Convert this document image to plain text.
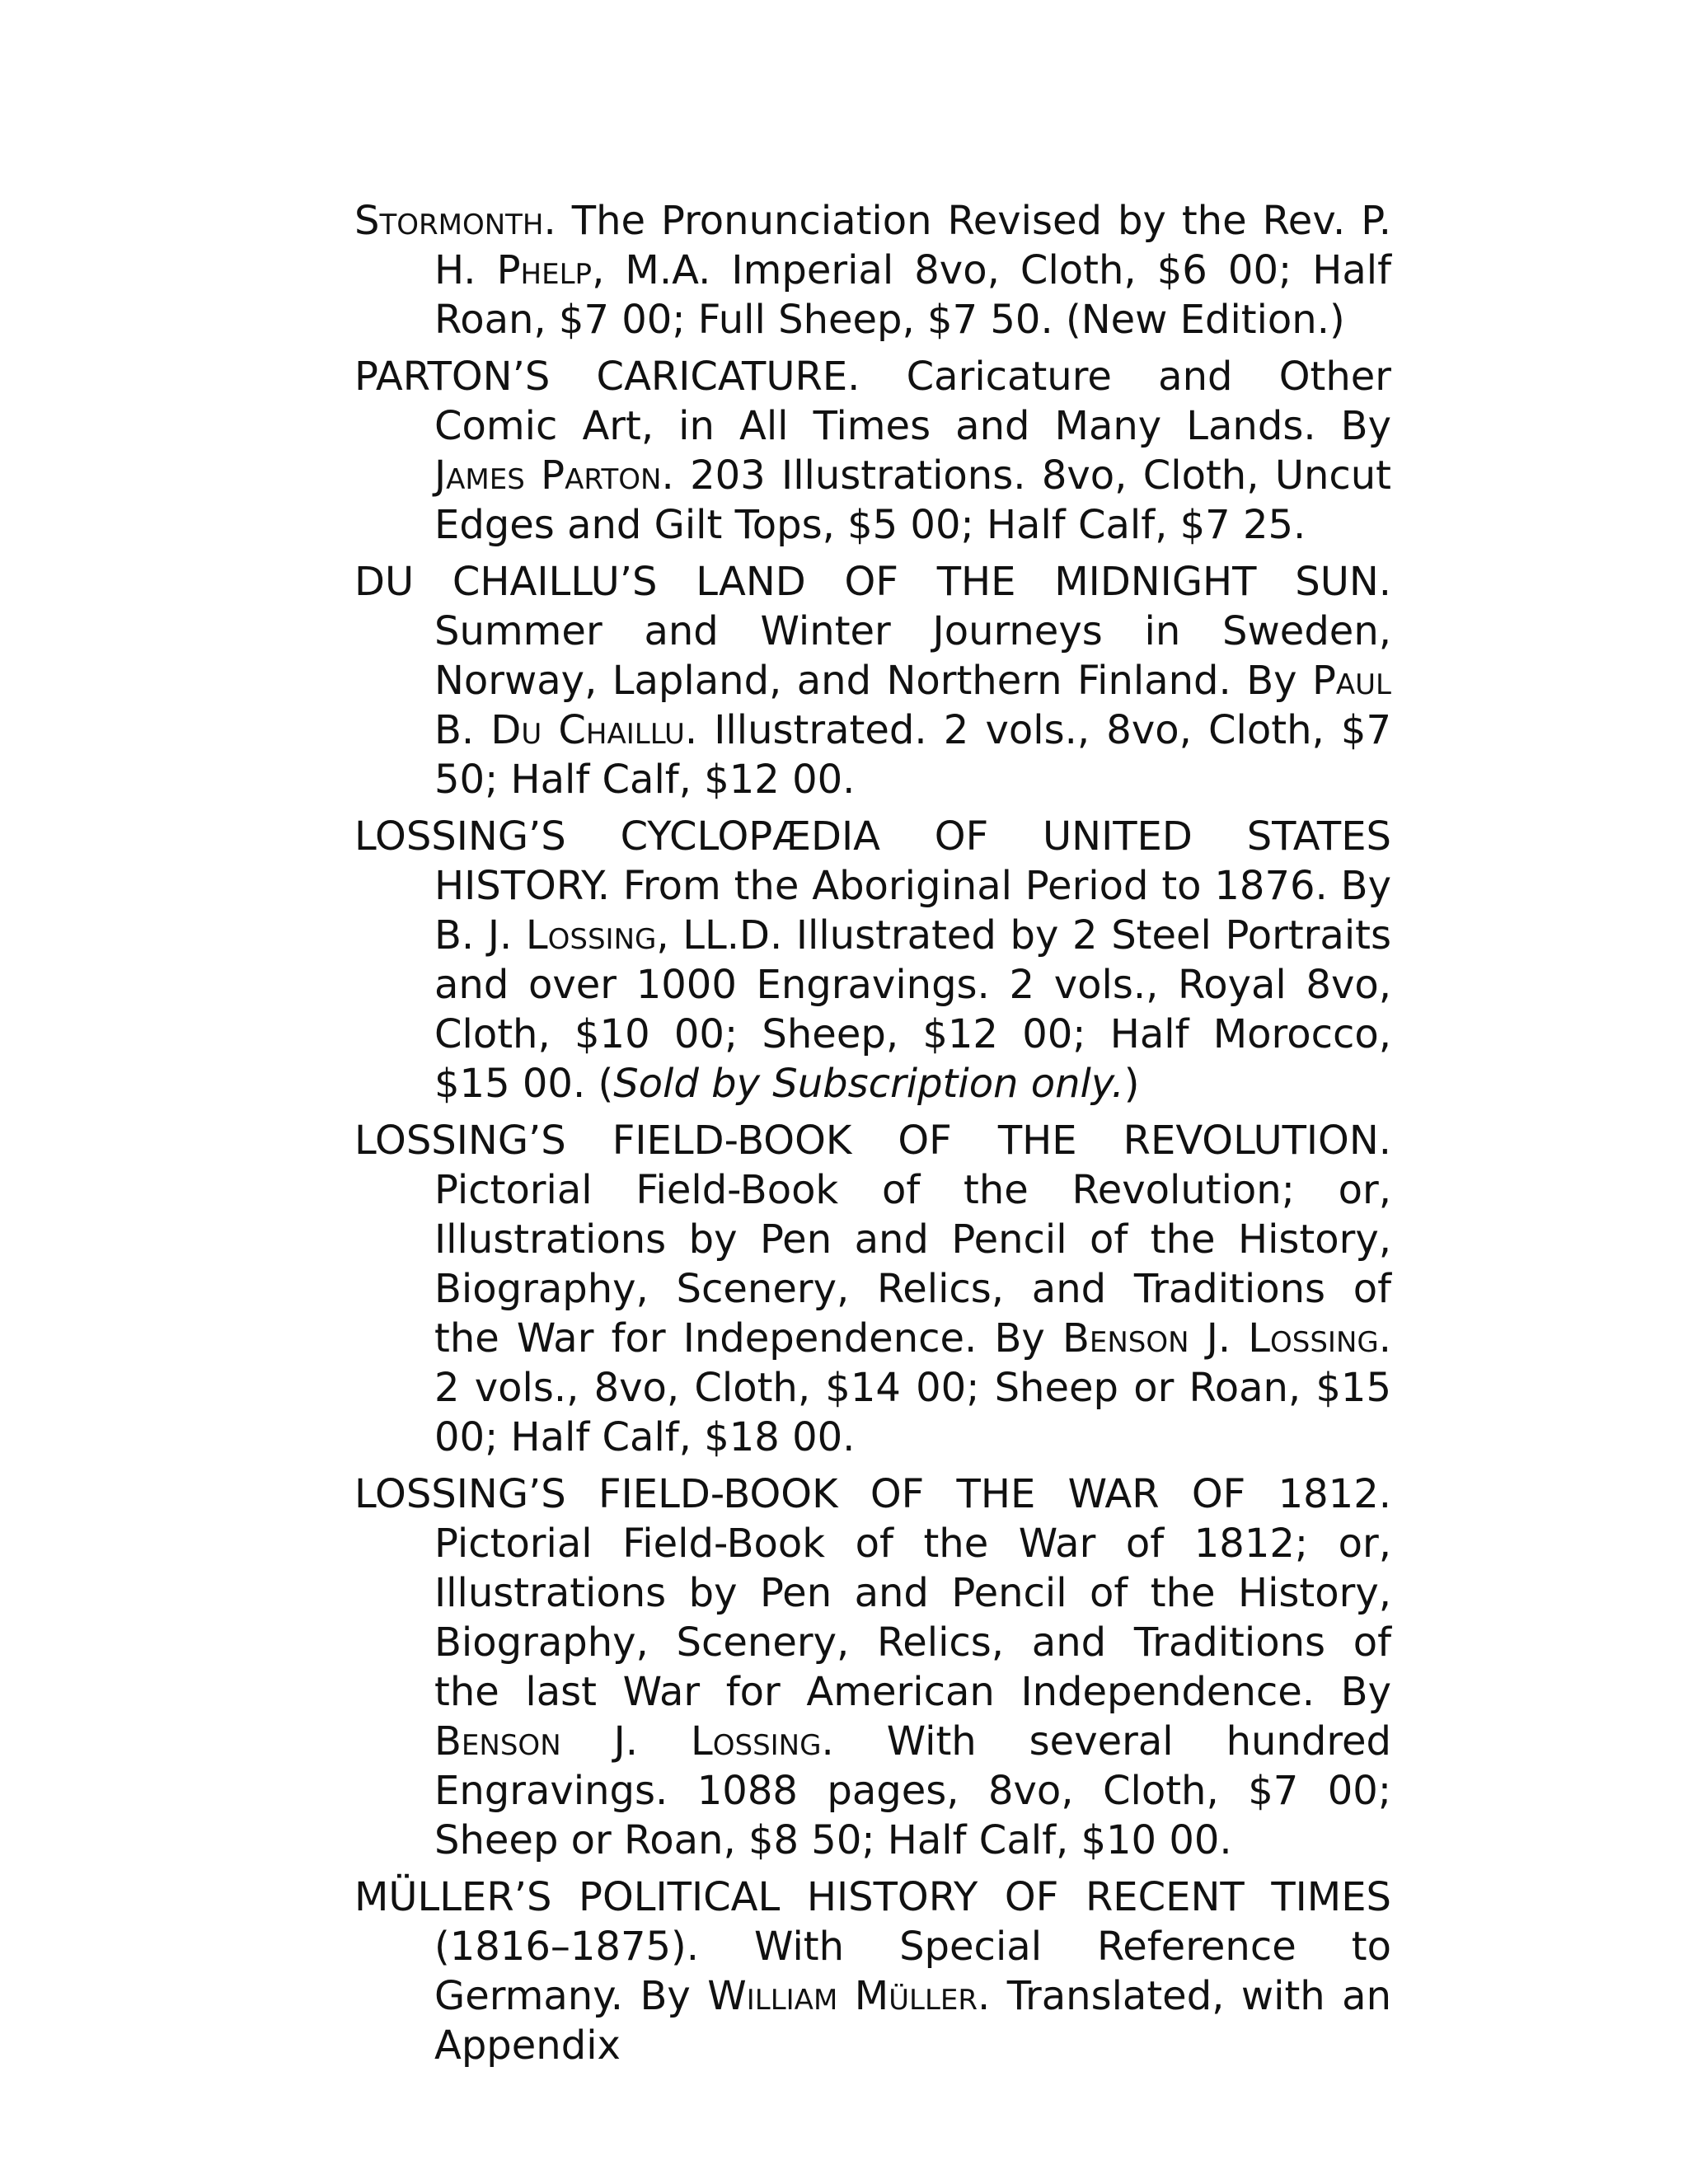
Stormonth. The Pronunciation Revised by the Rev. P. H. Phelp, M.A. Imperial 8vo, Cloth, $6 00; Half Roan, $7 00; Full Sheep, $7 50. (New Edition.)

PARTON’S CARICATURE. Caricature and Other Comic Art, in All Times and Many Lands. By James Parton. 203 Illustrations. 8vo, Cloth, Uncut Edges and Gilt Tops, $5 00; Half Calf, $7 25.

DU CHAILLU’S LAND OF THE MIDNIGHT SUN. Summer and Winter Journeys in Sweden, Norway, Lapland, and Northern Finland. By Paul B. Du Chaillu. Illustrated. 2 vols., 8vo, Cloth, $7 50; Half Calf, $12 00.

LOSSING’S CYCLOPÆDIA OF UNITED STATES HISTORY. From the Aboriginal Period to 1876. By B. J. Lossing, LL.D. Illustrated by 2 Steel Portraits and over 1000 Engravings. 2 vols., Royal 8vo, Cloth, $10 00; Sheep, $12 00; Half Morocco, $15 00. (Sold by Subscription only.)

LOSSING’S FIELD-BOOK OF THE REVOLUTION. Pictorial Field-Book of the Revolution; or, Illustrations by Pen and Pencil of the History, Biography, Scenery, Relics, and Traditions of the War for Independence. By Benson J. Lossing. 2 vols., 8vo, Cloth, $14 00; Sheep or Roan, $15 00; Half Calf, $18 00.

LOSSING’S FIELD-BOOK OF THE WAR OF 1812. Pictorial Field-Book of the War of 1812; or, Illustrations by Pen and Pencil of the History, Biography, Scenery, Relics, and Traditions of the last War for American Independence. By Benson J. Lossing. With several hundred Engravings. 1088 pages, 8vo, Cloth, $7 00; Sheep or Roan, $8 50; Half Calf, $10 00.

MÜLLER’S POLITICAL HISTORY OF RECENT TIMES (1816–1875). With Special Reference to Germany. By William Müller. Translated, with an Appendix
